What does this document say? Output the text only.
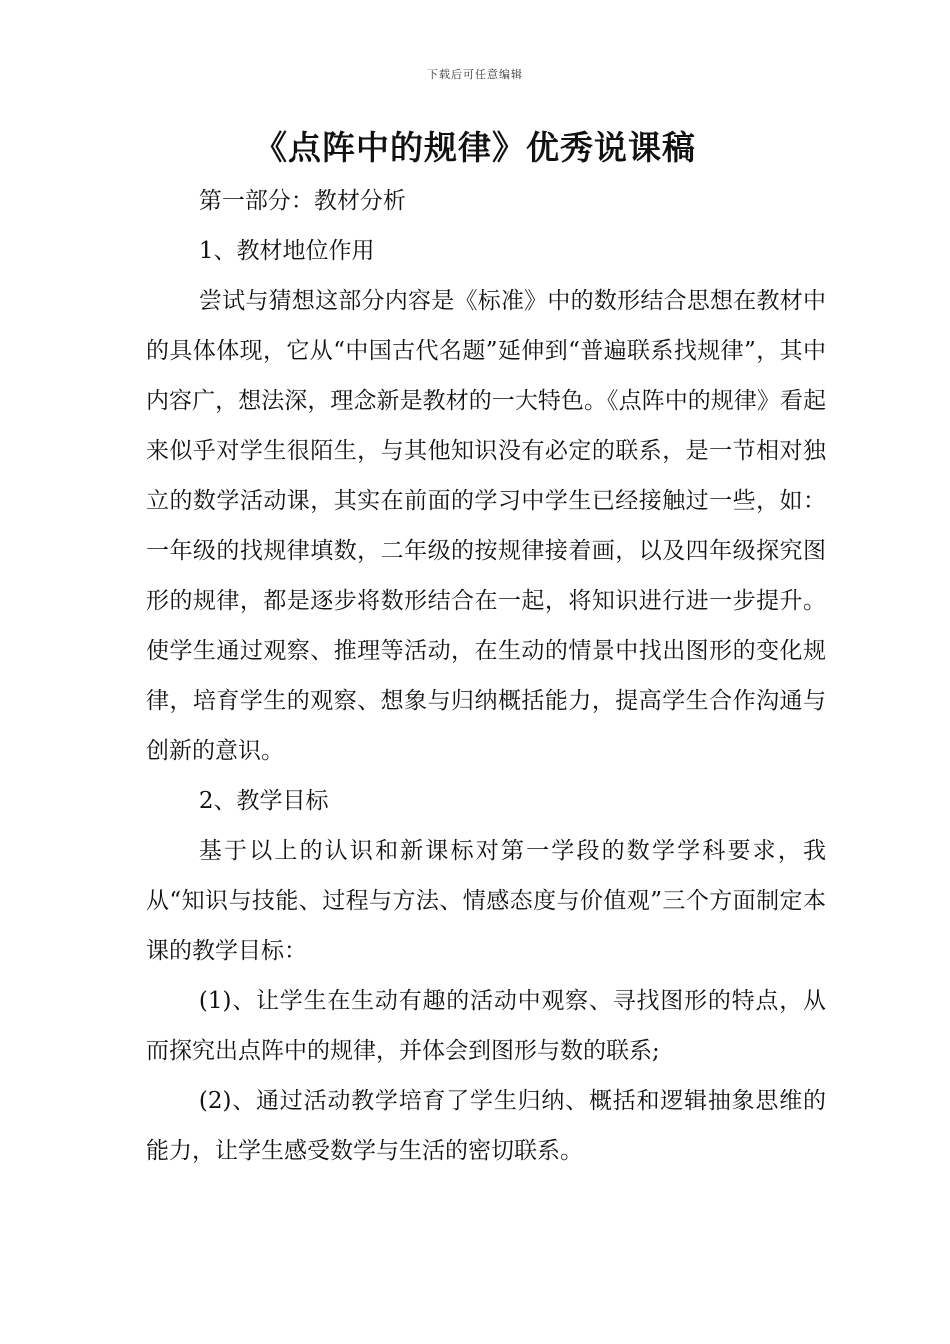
下载后可任意编辑
《点阵中的规律》优秀说课稿

第一部分：教材分析

1、教材地位作用

尝试与猜想这部分内容是《标准》中的数形结合思想在教材中的具体体现，它从“中国古代名题”延伸到“普遍联系找规律”，其中内容广，想法深，理念新是教材的一大特色。《点阵中的规律》看起来似乎对学生很陌生，与其他知识没有必定的联系，是一节相对独立的数学活动课，其实在前面的学习中学生已经接触过一些，如：一年级的找规律填数，二年级的按规律接着画，以及四年级探究图形的规律，都是逐步将数形结合在一起，将知识进行进一步提升。使学生通过观察、推理等活动，在生动的情景中找出图形的变化规律，培育学生的观察、想象与归纳概括能力，提高学生合作沟通与创新的意识。

2、教学目标

基于以上的认识和新课标对第一学段的数学学科要求，我从“知识与技能、过程与方法、情感态度与价值观”三个方面制定本课的教学目标：

(1)、让学生在生动有趣的活动中观察、寻找图形的特点，从而探究出点阵中的规律，并体会到图形与数的联系;

(2)、通过活动教学培育了学生归纳、概括和逻辑抽象思维的能力，让学生感受数学与生活的密切联系。
